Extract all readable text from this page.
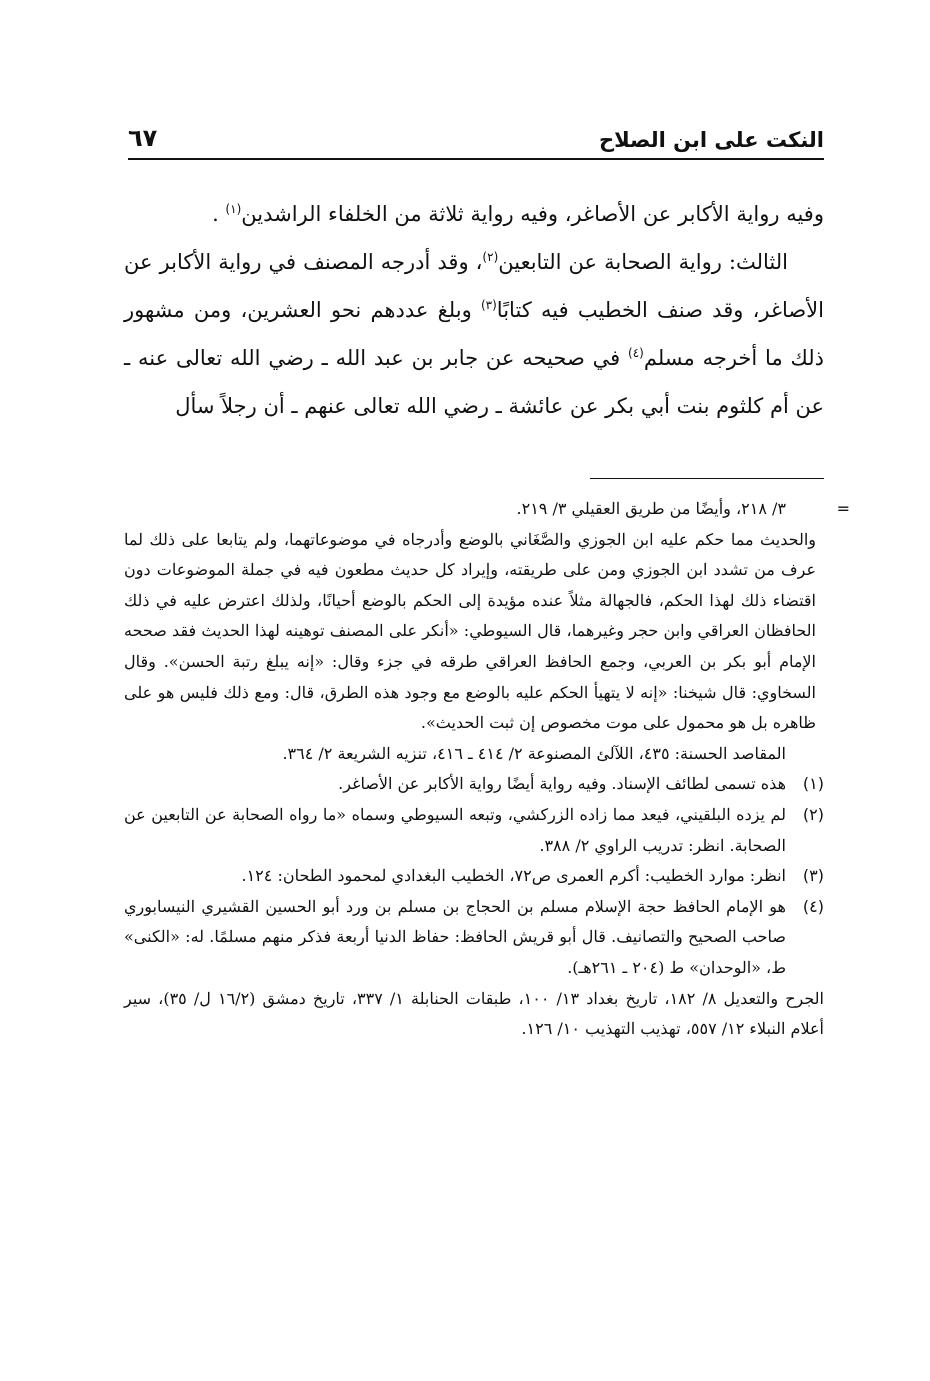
النكت على ابن الصلاح
٦٧

وفيه رواية الأكابر عن الأصاغر، وفيه رواية ثلاثة من الخلفاء الراشدين$^{(١)}$ .

الثالث: رواية الصحابة عن التابعين$^{(٢)}$، وقد أدرجه المصنف في رواية الأكابر عن الأصاغر، وقد صنف الخطيب فيه كتابًا$^{(٣)}$ وبلغ عددهم نحو العشرين، ومن مشهور ذلك ما أخرجه مسلم$^{(٤)}$ في صحيحه عن جابر بن عبد الله ـ رضي الله تعالى عنه ـ عن أم كلثوم بنت أبي بكر عن عائشة ـ رضي الله تعالى عنهم ـ أن رجلاً سأل

=

٣/ ٢١٨، وأيضًا من طريق العقيلي ٣/ ٢١٩.

والحديث مما حكم عليه ابن الجوزي والصَّغَاني بالوضع وأدرجاه في موضوعاتهما، ولم يتابعا على ذلك لما عرف من تشدد ابن الجوزي ومن على طريقته، وإيراد كل حديث مطعون فيه في جملة الموضوعات دون اقتضاء ذلك لهذا الحكم، فالجهالة مثلاً عنده مؤيدة إلى الحكم بالوضع أحيانًا، ولذلك اعترض عليه في ذلك الحافظان العراقي وابن حجر وغيرهما، قال السيوطي: «أنكر على المصنف توهينه لهذا الحديث فقد صححه الإمام أبو بكر بن العربي، وجمع الحافظ العراقي طرقه في جزء وقال: «إنه يبلغ رتبة الحسن». وقال السخاوي: قال شيخنا: «إنه لا يتهيأ الحكم عليه بالوضع مع وجود هذه الطرق، قال: ومع ذلك فليس هو على ظاهره بل هو محمول على موت مخصوص إن ثبت الحديث».

المقاصد الحسنة: ٤٣٥، اللآلئ المصنوعة ٢/ ٤١٤ ـ ٤١٦، تنزيه الشريعة ٢/ ٣٦٤.

(١)

هذه تسمى لطائف الإسناد. وفيه رواية أيضًا رواية الأكابر عن الأصاغر.

(٢)

لم يزده البلقيني، فيعد مما زاده الزركشي، وتبعه السيوطي وسماه «ما رواه الصحابة عن التابعين عن الصحابة. انظر: تدريب الراوي ٢/ ٣٨٨.

(٣)

انظر: موارد الخطيب: أكرم العمرى ص٧٢، الخطيب البغدادي لمحمود الطحان: ١٢٤.

(٤)

هو الإمام الحافظ حجة الإسلام مسلم بن الحجاج بن مسلم بن ورد أبو الحسين القشيري النيسابوري صاحب الصحيح والتصانيف. قال أبو قريش الحافظ: حفاظ الدنيا أربعة فذكر منهم مسلمًا. له: «الكنى» ط، «الوحدان» ط (٢٠٤ ـ ٢٦١هـ).

الجرح والتعديل ٨/ ١٨٢، تاريخ بغداد ١٣/ ١٠٠، طبقات الحنابلة ١/ ٣٣٧، تاريخ دمشق (١٦/٢ ل/ ٣٥)، سير أعلام النبلاء ١٢/ ٥٥٧، تهذيب التهذيب ١٠/ ١٢٦.
